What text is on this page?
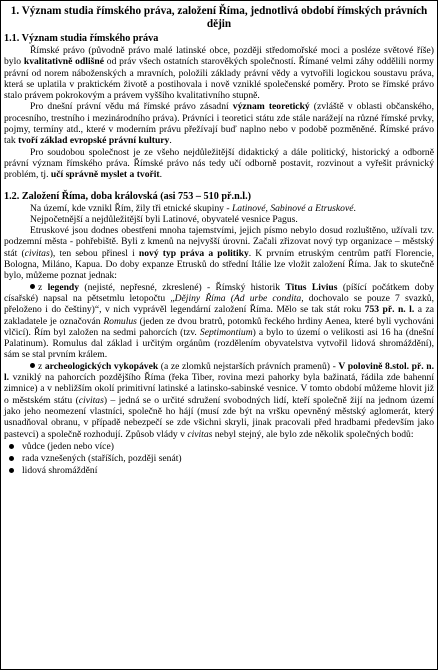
1. Význam studia římského práva, založení Říma, jednotlivá období římských právních dějin
1.1. Význam studia římského práva

Římské právo (původně právo malé latinské obce, později středomořské moci a posléze světové říše) bylo kvalitativně odlišné od práv všech ostatních starověkých společností. Římané velmi záhy oddělili normy právní od norem náboženských a mravních, položili základy právní vědy a vytvořili logickou soustavu práva, která se uplatila v praktickém životě a postihovala i nově vzniklé společenské poměry. Proto se římské právo stalo právem pokrokovým a právem vyššího kvalitativního stupně.

Pro dnešní právní vědu má římské právo zásadní význam teoretický (zvláště v oblasti občanského, procesního, trestního i mezinárodního práva). Právníci i teoretici státu zde stále narážejí na různé římské prvky, pojmy, termíny atd., které v moderním právu přežívají buď naplno nebo v podobě pozměněné. Římské právo tak tvoří základ evropské právní kultury.

Pro soudobou společnost je ze všeho nejdůležitější didaktický a dále politický, historický a odborně právní význam římského práva. Římské právo nás tedy učí odborně postavit, rozvinout a vyřešit právnický problém, tj. učí správně myslet a tvořit.

1.2. Založení Říma, doba královská (asi 753 – 510 př.n.l.)

Na území, kde vznikl Řím, žily tři etnické skupiny - Latinové, Sabinové a Etruskové.

Nejpočetnější a nejdůležitější byli Latinové, obyvatelé vesnice Pagus.

Etruskové jsou dodnes obestřeni mnoha tajemstvími, jejich písmo nebylo dosud rozluštěno, užívali tzv. podzemní města - pohřebiště. Byli z kmenů na nejvyšší úrovni. Začali zřizovat nový typ organizace – městský stát (civitas), ten sebou přinesl i nový typ práva a politiky. K prvním etruským centrům patří Florencie, Bologna, Miláno, Kapua. Do doby expanze Etrusků do střední Itálie lze vložit založení Říma. Jak to skutečně bylo, můžeme poznat jednak:

z legendy (nejisté, nepřesné, zkreslené) - Římský historik Titus Livius (píšící počátkem doby císařské) napsal na pětsetmlu letopočtu „Dějiny Říma (Ad urbe condita, dochovalo se pouze 7 svazků, přeloženo i do češtiny)“, v nich vyprávěl legendární založení Říma. Mělo se tak stát roku 753 př. n. l. a za zakladatele je označován Romulus (jeden ze dvou bratrů, potomků řeckého hrdiny Aenea, které byli vychováni vlčicí). Řím byl založen na sedmi pahorcích (tzv. Septimontium) a bylo to území o velikosti asi 16 ha (dnešní Palatinum). Romulus dal základ i určitým orgánům (rozdělením obyvatelstva vytvořil lidová shromáždění), sám se stal prvním králem.

z archeologických vykopávek (a ze zlomků nejstarších právních pramenů) - V polovině 8.stol. př. n. l. vzniklý na pahorcích pozdějšího Říma (řeka Tiber, rovina mezi pahorky byla bažinatá, řádila zde bahenní zimnice) a v nebližším okolí primitivní latinské a latinsko-sabinské vesnice. V tomto období můžeme hlovit již o městském státu (civitas) – jedná se o určité sdružení svobodných lidí, kteří společně žijí na jednom území jako jeho neomezení vlastníci, společně ho hájí (musí zde být na vršku opevněný městský aglomerát, který usnadňoval obranu, v případě nebezpečí se zde všichni skryli, jinak pracovali před hradbami především jako pastevci) a společně rozhodují. Způsob vlády v civitas nebyl stejný, ale bylo zde několik společných bodů:

vůdce (jeden nebo více)
rada vznešených (staříších, později senát)
lidová shromáždění
